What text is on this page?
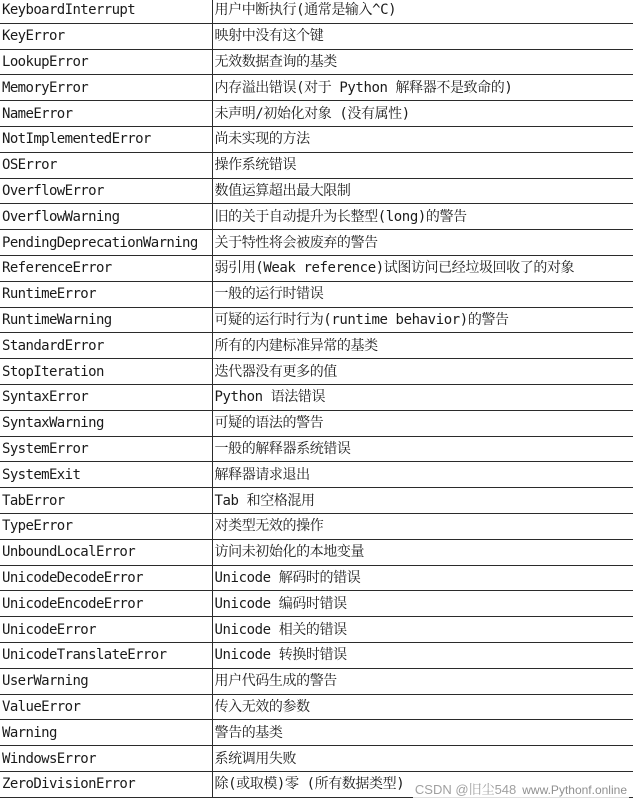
KeyboardInterrupt	用户中断执行(通常是输入^C)
KeyError	映射中没有这个键
LookupError	无效数据查询的基类
MemoryError	内存溢出错误(对于 Python 解释器不是致命的)
NameError	未声明/初始化对象 (没有属性)
NotImplementedError	尚未实现的方法
OSError	操作系统错误
OverflowError	数值运算超出最大限制
OverflowWarning	旧的关于自动提升为长整型(long)的警告
PendingDeprecationWarning	关于特性将会被废弃的警告
ReferenceError	弱引用(Weak reference)试图访问已经垃圾回收了的对象
RuntimeError	一般的运行时错误
RuntimeWarning	可疑的运行时行为(runtime behavior)的警告
StandardError	所有的内建标准异常的基类
StopIteration	迭代器没有更多的值
SyntaxError	Python 语法错误
SyntaxWarning	可疑的语法的警告
SystemError	一般的解释器系统错误
SystemExit	解释器请求退出
TabError	Tab 和空格混用
TypeError	对类型无效的操作
UnboundLocalError	访问未初始化的本地变量
UnicodeDecodeError	Unicode 解码时的错误
UnicodeEncodeError	Unicode 编码时错误
UnicodeError	Unicode 相关的错误
UnicodeTranslateError	Unicode 转换时错误
UserWarning	用户代码生成的警告
ValueError	传入无效的参数
Warning	警告的基类
WindowsError	系统调用失败
ZeroDivisionError	除(或取模)零 (所有数据类型) CSDN @旧尘548 www.Pythonf.online
